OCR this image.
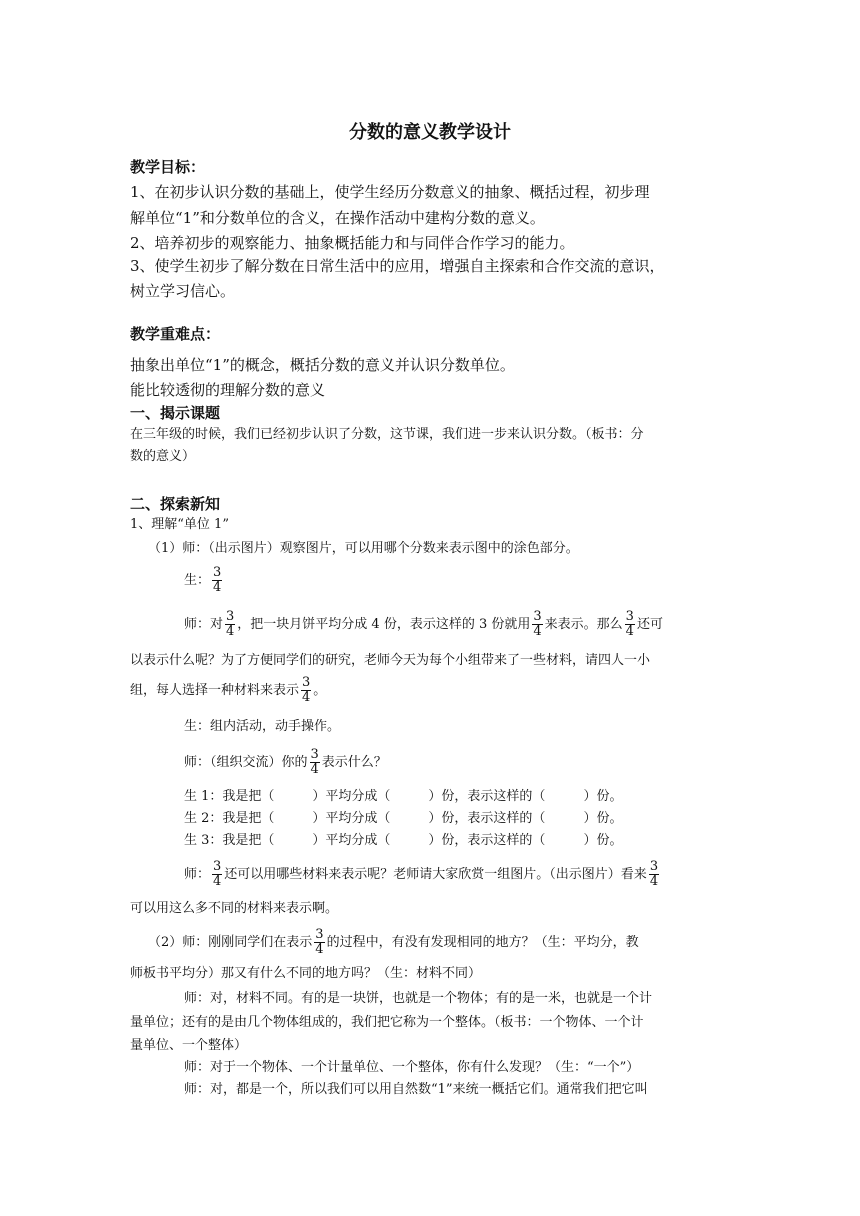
分数的意义教学设计
教学目标：
1、在初步认识分数的基础上，使学生经历分数意义的抽象、概括过程，初步理
解单位“1”和分数单位的含义，在操作活动中建构分数的意义。
2、培养初步的观察能力、抽象概括能力和与同伴合作学习的能力。
3、使学生初步了解分数在日常生活中的应用，增强自主探索和合作交流的意识，
树立学习信心。
教学重难点：
抽象出单位“1”的概念，概括分数的意义并认识分数单位。
能比较透彻的理解分数的意义
一、揭示课题
在三年级的时候，我们已经初步认识了分数，这节课，我们进一步来认识分数。（板书：分
数的意义）
二、探索新知
1、理解“单位 1”
（1）师：（出示图片）观察图片，可以用哪个分数来表示图中的涂色部分。
生： $\frac{3}{4}$
师：对 $\frac{3}{4}$ ，把一块月饼平均分成 4 份，表示这样的 3 份就用 $\frac{3}{4}$ 来表示。那么 $\frac{3}{4}$ 还可
以表示什么呢？为了方便同学们的研究，老师今天为每个小组带来了一些材料，请四人一小
组，每人选择一种材料来表示 $\frac{3}{4}$ 。
生：组内活动，动手操作。
师：（组织交流）你的 $\frac{3}{4}$ 表示什么？
生 1：我是把（	）平均分成（	）份，表示这样的（	）份。
生 2：我是把（	）平均分成（	）份，表示这样的（	）份。
生 3：我是把（	）平均分成（	）份，表示这样的（	）份。
师： $\frac{3}{4}$ 还可以用哪些材料来表示呢？老师请大家欣赏一组图片。（出示图片）看来 $\frac{3}{4}$
可以用这么多不同的材料来表示啊。
（2）师：刚刚同学们在表示 $\frac{3}{4}$ 的过程中，有没有发现相同的地方？（生：平均分，教
师板书平均分）那又有什么不同的地方吗？（生：材料不同）
师：对，材料不同。有的是一块饼，也就是一个物体；有的是一米，也就是一个计
量单位；还有的是由几个物体组成的，我们把它称为一个整体。（板书：一个物体、一个计
量单位、一个整体）
师：对于一个物体、一个计量单位、一个整体，你有什么发现？（生：“一个”）
师：对，都是一个，所以我们可以用自然数“1”来统一概括它们。通常我们把它叫
